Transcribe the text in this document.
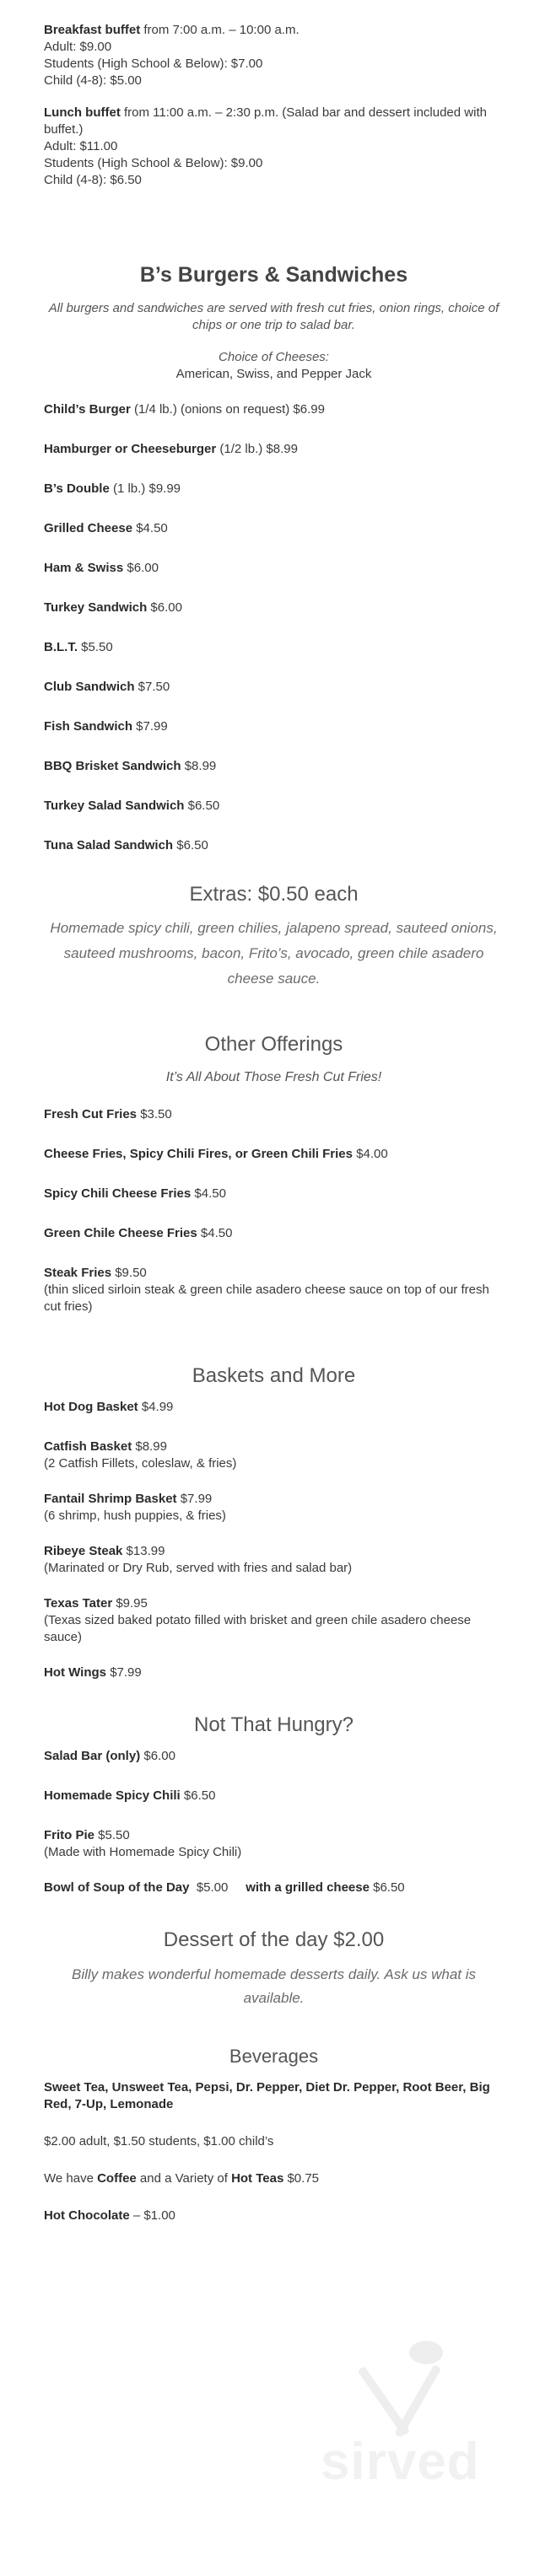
Breakfast buffet from 7:00 a.m. – 10:00 a.m.

Adult: $9.00

Students (High School & Below): $7.00

Child (4-8): $5.00

Lunch buffet from 11:00 a.m. – 2:30 p.m. (Salad bar and dessert included with buffet.)

Adult: $11.00

Students (High School & Below): $9.00

Child (4-8): $6.50

B’s Burgers & Sandwiches

All burgers and sandwiches are served with fresh cut fries, onion rings, choice of chips or one trip to salad bar.

Choice of Cheeses:

American, Swiss, and Pepper Jack

Child’s Burger (1/4 lb.) (onions on request) $6.99

Hamburger or Cheeseburger (1/2 lb.) $8.99

B’s Double (1 lb.) $9.99

Grilled Cheese $4.50

Ham & Swiss $6.00

Turkey Sandwich $6.00

B.L.T. $5.50

Club Sandwich $7.50

Fish Sandwich $7.99

BBQ Brisket Sandwich $8.99

Turkey Salad Sandwich $6.50

Tuna Salad Sandwich $6.50

Extras: $0.50 each

Homemade spicy chili, green chilies, jalapeno spread, sauteed onions, sauteed mushrooms, bacon, Frito’s, avocado, green chile asadero cheese sauce.

Other Offerings

It’s All About Those Fresh Cut Fries!

Fresh Cut Fries $3.50

Cheese Fries, Spicy Chili Fires, or Green Chili Fries $4.00

Spicy Chili Cheese Fries $4.50

Green Chile Cheese Fries $4.50

Steak Fries $9.50

(thin sliced sirloin steak & green chile asadero cheese sauce on top of our fresh cut fries)

Baskets and More

Hot Dog Basket $4.99

Catfish Basket $8.99

(2 Catfish Fillets, coleslaw, & fries)

Fantail Shrimp Basket $7.99

(6 shrimp, hush puppies, & fries)

Ribeye Steak $13.99

(Marinated or Dry Rub, served with fries and salad bar)

Texas Tater $9.95

(Texas sized baked potato filled with brisket and green chile asadero cheese sauce)

Hot Wings $7.99

Not That Hungry?

Salad Bar (only) $6.00

Homemade Spicy Chili $6.50

Frito Pie $5.50

(Made with Homemade Spicy Chili)

Bowl of Soup of the Day  $5.00     with a grilled cheese $6.50

Dessert of the day $2.00

Billy makes wonderful homemade desserts daily. Ask us what is available.

Beverages

Sweet Tea, Unsweet Tea, Pepsi, Dr. Pepper, Diet Dr. Pepper, Root Beer, Big Red, 7-Up, Lemonade

$2.00 adult, $1.50 students, $1.00 child’s

We have Coffee and a Variety of Hot Teas $0.75

Hot Chocolate – $1.00

sirved
